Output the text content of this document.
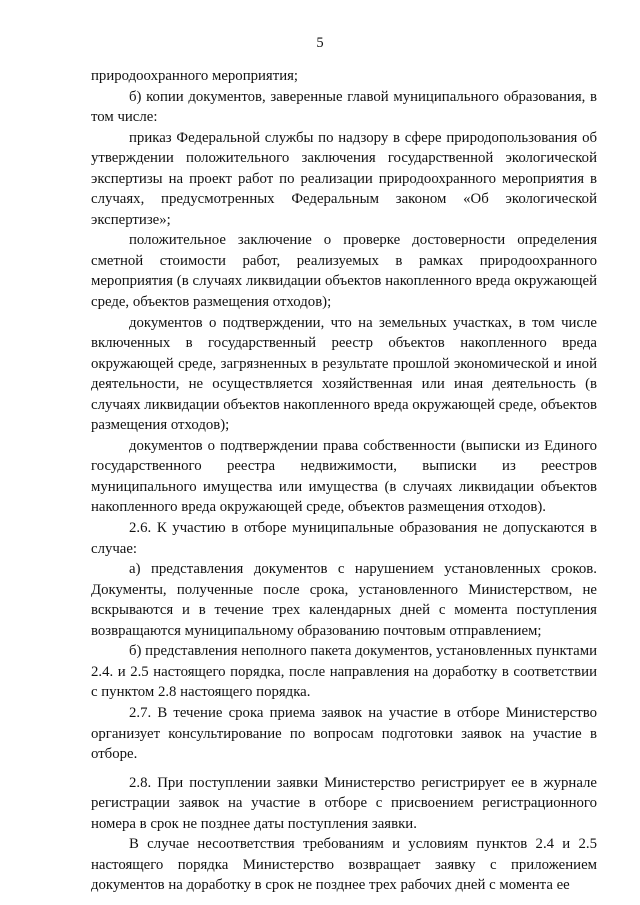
5

природоохранного мероприятия;

б) копии документов, заверенные главой муниципального образования, в том числе:

приказ Федеральной службы по надзору в сфере природопользования об утверждении положительного заключения государственной экологической экспертизы на проект работ по реализации природоохранного мероприятия в случаях, предусмотренных Федеральным законом «Об экологической экспертизе»;

положительное заключение о проверке достоверности определения сметной стоимости работ, реализуемых в рамках природоохранного мероприятия (в случаях ликвидации объектов накопленного вреда окружающей среде, объектов размещения отходов);

документов о подтверждении, что на земельных участках, в том числе включенных в государственный реестр объектов накопленного вреда окружающей среде, загрязненных в результате прошлой экономической и иной деятельности, не осуществляется хозяйственная или иная деятельность (в случаях ликвидации объектов накопленного вреда окружающей среде, объектов размещения отходов);

документов о подтверждении права собственности (выписки из Единого государственного реестра недвижимости, выписки из реестров муниципального имущества или имущества (в случаях ликвидации объектов накопленного вреда окружающей среде, объектов размещения отходов).

2.6. К участию в отборе муниципальные образования не допускаются в случае:

а) представления документов с нарушением установленных сроков. Документы, полученные после срока, установленного Министерством, не вскрываются и в течение трех календарных дней с момента поступления возвращаются муниципальному образованию почтовым отправлением;

б) представления неполного пакета документов, установленных пунктами 2.4. и 2.5 настоящего порядка, после направления на доработку в соответствии с пунктом 2.8 настоящего порядка.

2.7. В течение срока приема заявок на участие в отборе Министерство организует консультирование по вопросам подготовки заявок на участие в отборе.

2.8. При поступлении заявки Министерство регистрирует ее в журнале регистрации заявок на участие в отборе с присвоением регистрационного номера в срок не позднее даты поступления заявки.

В случае несоответствия требованиям и условиям пунктов 2.4 и 2.5 настоящего порядка Министерство возвращает заявку с приложением документов на доработку в срок не позднее трех рабочих дней с момента ее
